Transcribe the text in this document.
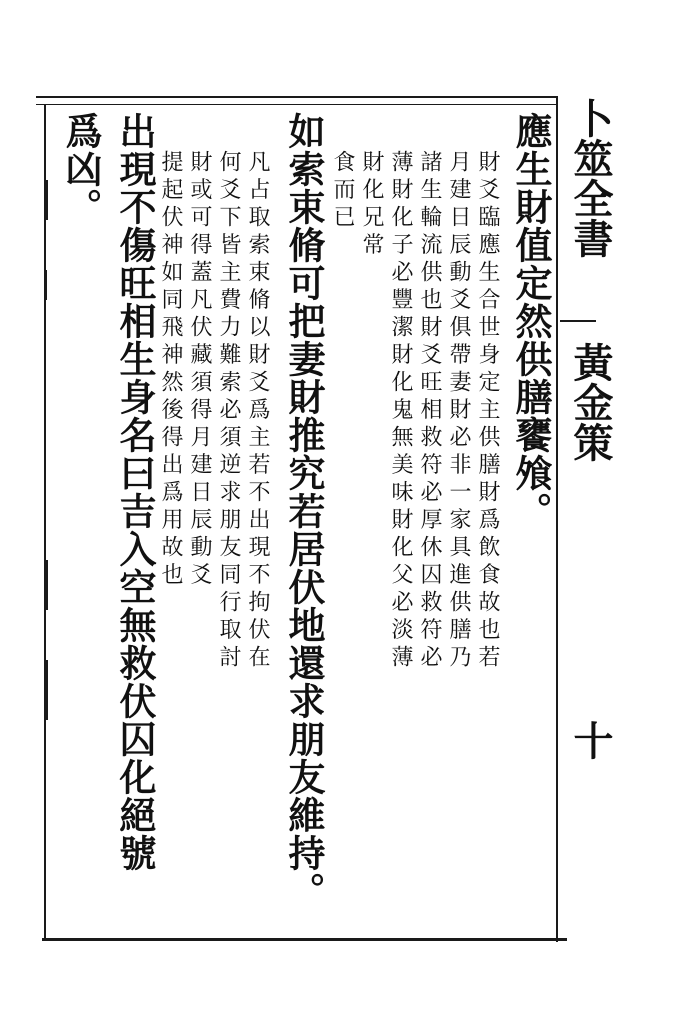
卜筮全書
黃金策
十
應生財值定然供膳饔飧。
財爻臨應生合世身定主供膳財爲飲食故也若
月建日辰動爻俱帶妻財必非一家具進供膳乃
諸生輪流供也財爻旺相救符必厚休囚救符必
薄財化子必豐潔財化鬼無美味財化父必淡薄
財化兄常
食而已
如索束脩可把妻財推究若居伏地還求朋友維持。
凡占取索束脩以財爻爲主若不出現不拘伏在
何爻下皆主費力難索必須逆求朋友同行取討
財或可得蓋凡伏藏須得月建日辰動爻
提起伏神如同飛神然後得出爲用故也
出現不傷旺相生身名曰吉入空無救伏囚化絕號
爲凶。
